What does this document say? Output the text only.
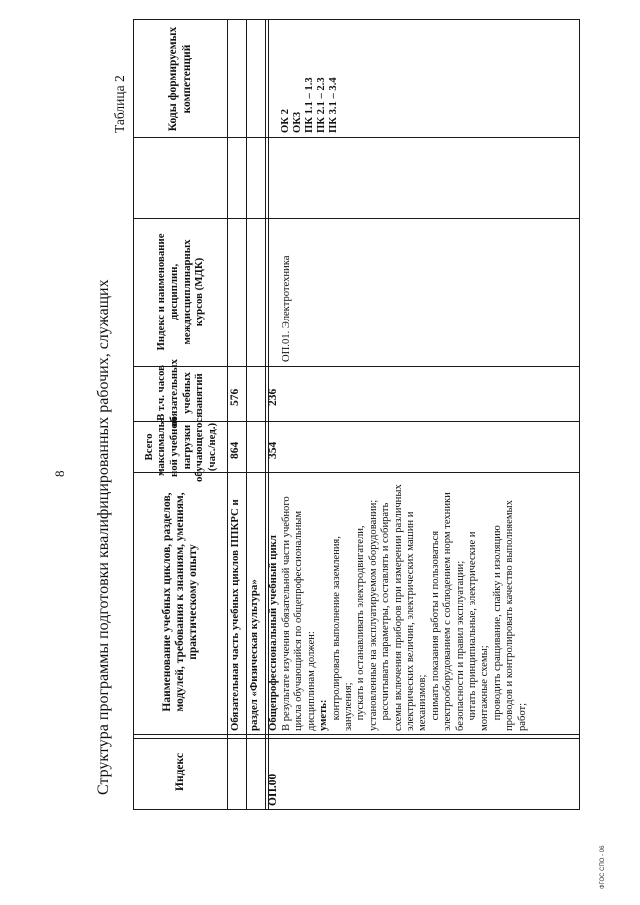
8 Структура программы подготовки квалифицированных рабочих, служащих
Таблица 2
ФГОС СПО - 06
Индекс
Наименование учебных циклов, разделов, модулей, требования к знаниям, умениям, практическому опыту
Всего максималь-ной учебной нагрузки обучающегося (час./нед.)
В т.ч. часов обязательных учебных занятий
Индекс и наименование дисциплин, междисциплинарных курсов (МДК)
Коды формируемых компетенций
Обязательная часть учебных циклов ППКРС и
864
576
раздел «Физическая культура»
ОП.00
Общепрофессиональный учебный цикл
354
236
ОП.01. Электротехника
ОК 2 ОК3 ПК 1.1 – 1.3 ПК 2.1 – 2.3 ПК 3.1 – 3.4
В результате изучения обязательной части учебного цикла обучающийся по общепрофессиональным дисциплинам должен: уметь: контролировать выполнение заземления, зануления; пускать и останавливать электродвигатели, установленные на эксплуатируемом оборудовании; рассчитывать параметры, составлять и собирать схемы включения приборов при измерении различных электрических величин, электрических машин и механизмов; снимать показания работы и пользоваться электрооборудованием с соблюдением норм техники безопасности и правил эксплуатации; читать принципиальные, электрические и монтажные схемы; проводить сращивание, спайку и изоляцию проводов и контролировать качество выполняемых работ;
